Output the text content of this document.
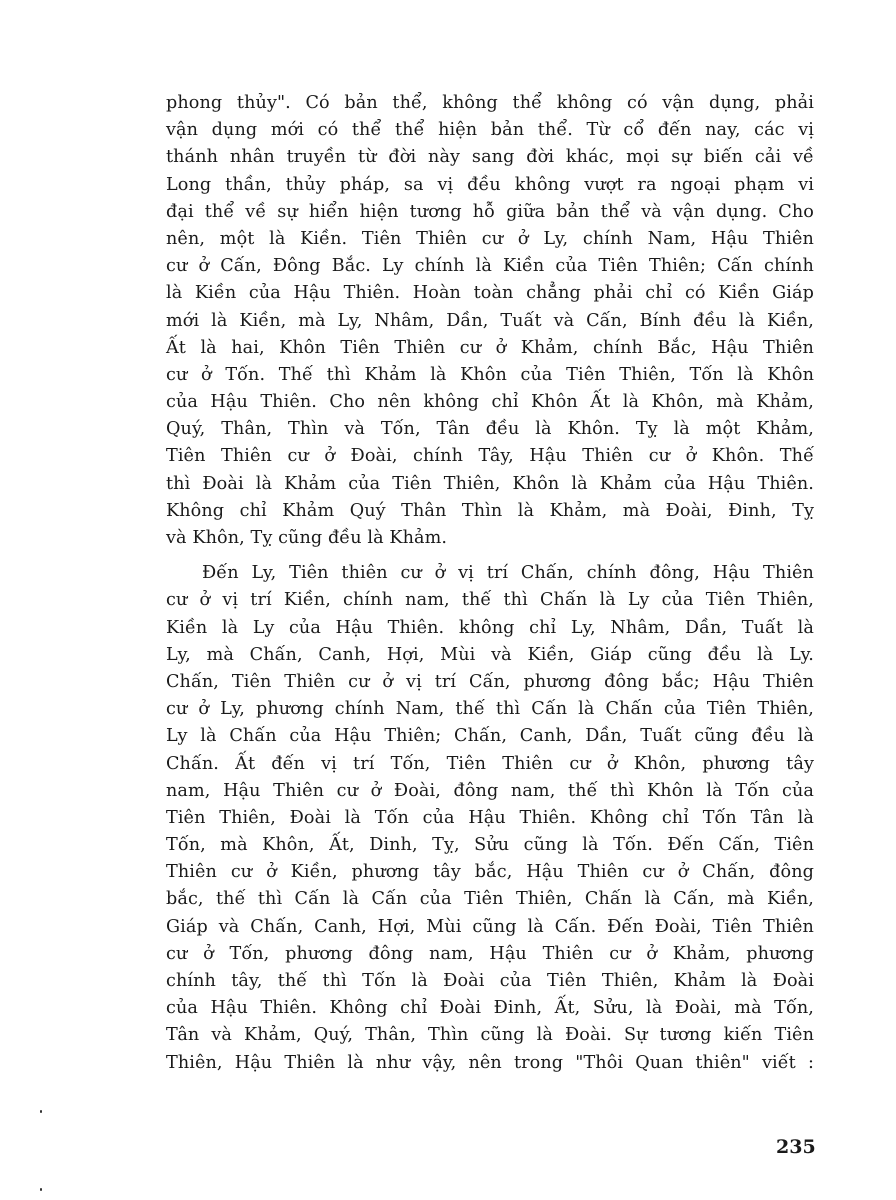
phong thủy". Có bản thể, không thể không có vận dụng, phải
vận dụng mới có thể thể hiện bản thể. Từ cổ đến nay, các vị
thánh nhân truyền từ đời này sang đời khác, mọi sự biến cải về
Long thần, thủy pháp, sa vị đều không vượt ra ngoại phạm vi
đại thể về sự hiển hiện tương hỗ giữa bản thể và vận dụng. Cho
nên, một là Kiền. Tiên Thiên cư ở Ly, chính Nam, Hậu Thiên
cư ở Cấn, Đông Bắc. Ly chính là Kiền của Tiên Thiên; Cấn chính
là Kiền của Hậu Thiên. Hoàn toàn chẳng phải chỉ có Kiền Giáp
mới là Kiền, mà Ly, Nhâm, Dần, Tuất và Cấn, Bính đều là Kiền,
Ất là hai, Khôn Tiên Thiên cư ở Khảm, chính Bắc, Hậu Thiên
cư ở Tốn. Thế thì Khảm là Khôn của Tiên Thiên, Tốn là Khôn
của Hậu Thiên. Cho nên không chỉ Khôn Ất là Khôn, mà Khảm,
Quý, Thân, Thìn và Tốn, Tân đều là Khôn. Tỵ là một Khảm,
Tiên Thiên cư ở Đoài, chính Tây, Hậu Thiên cư ở Khôn. Thế
thì Đoài là Khảm của Tiên Thiên, Khôn là Khảm của Hậu Thiên.
Không chỉ Khảm Quý Thân Thìn là Khảm, mà Đoài, Đinh, Tỵ
và Khôn, Tỵ cũng đều là Khảm.
Đến Ly, Tiên thiên cư ở vị trí Chấn, chính đông, Hậu Thiên
cư ở vị trí Kiền, chính nam, thế thì Chấn là Ly của Tiên Thiên,
Kiền là Ly của Hậu Thiên. không chỉ Ly, Nhâm, Dần, Tuất là
Ly, mà Chấn, Canh, Hợi, Mùi và Kiền, Giáp cũng đều là Ly.
Chấn, Tiên Thiên cư ở vị trí Cấn, phương đông bắc; Hậu Thiên
cư ở Ly, phương chính Nam, thế thì Cấn là Chấn của Tiên Thiên,
Ly là Chấn của Hậu Thiên; Chấn, Canh, Dần, Tuất cũng đều là
Chấn. Ất đến vị trí Tốn, Tiên Thiên cư ở Khôn, phương tây
nam, Hậu Thiên cư ở Đoài, đông nam, thế thì Khôn là Tốn của
Tiên Thiên, Đoài là Tốn của Hậu Thiên. Không chỉ Tốn Tân là
Tốn, mà Khôn, Ất, Dinh, Tỵ, Sửu cũng là Tốn. Đến Cấn, Tiên
Thiên cư ở Kiền, phương tây bắc, Hậu Thiên cư ở Chấn, đông
bắc, thế thì Cấn là Cấn của Tiên Thiên, Chấn là Cấn, mà Kiền,
Giáp và Chấn, Canh, Hợi, Mùi cũng là Cấn. Đến Đoài, Tiên Thiên
cư ở Tốn, phương đông nam, Hậu Thiên cư ở Khảm, phương
chính tây, thế thì Tốn là Đoài của Tiên Thiên, Khảm là Đoài
của Hậu Thiên. Không chỉ Đoài Đinh, Ất, Sửu, là Đoài, mà Tốn,
Tân và Khảm, Quý, Thân, Thìn cũng là Đoài. Sự tương kiến Tiên
Thiên, Hậu Thiên là như vậy, nên trong "Thôi Quan thiên" viết :
235
